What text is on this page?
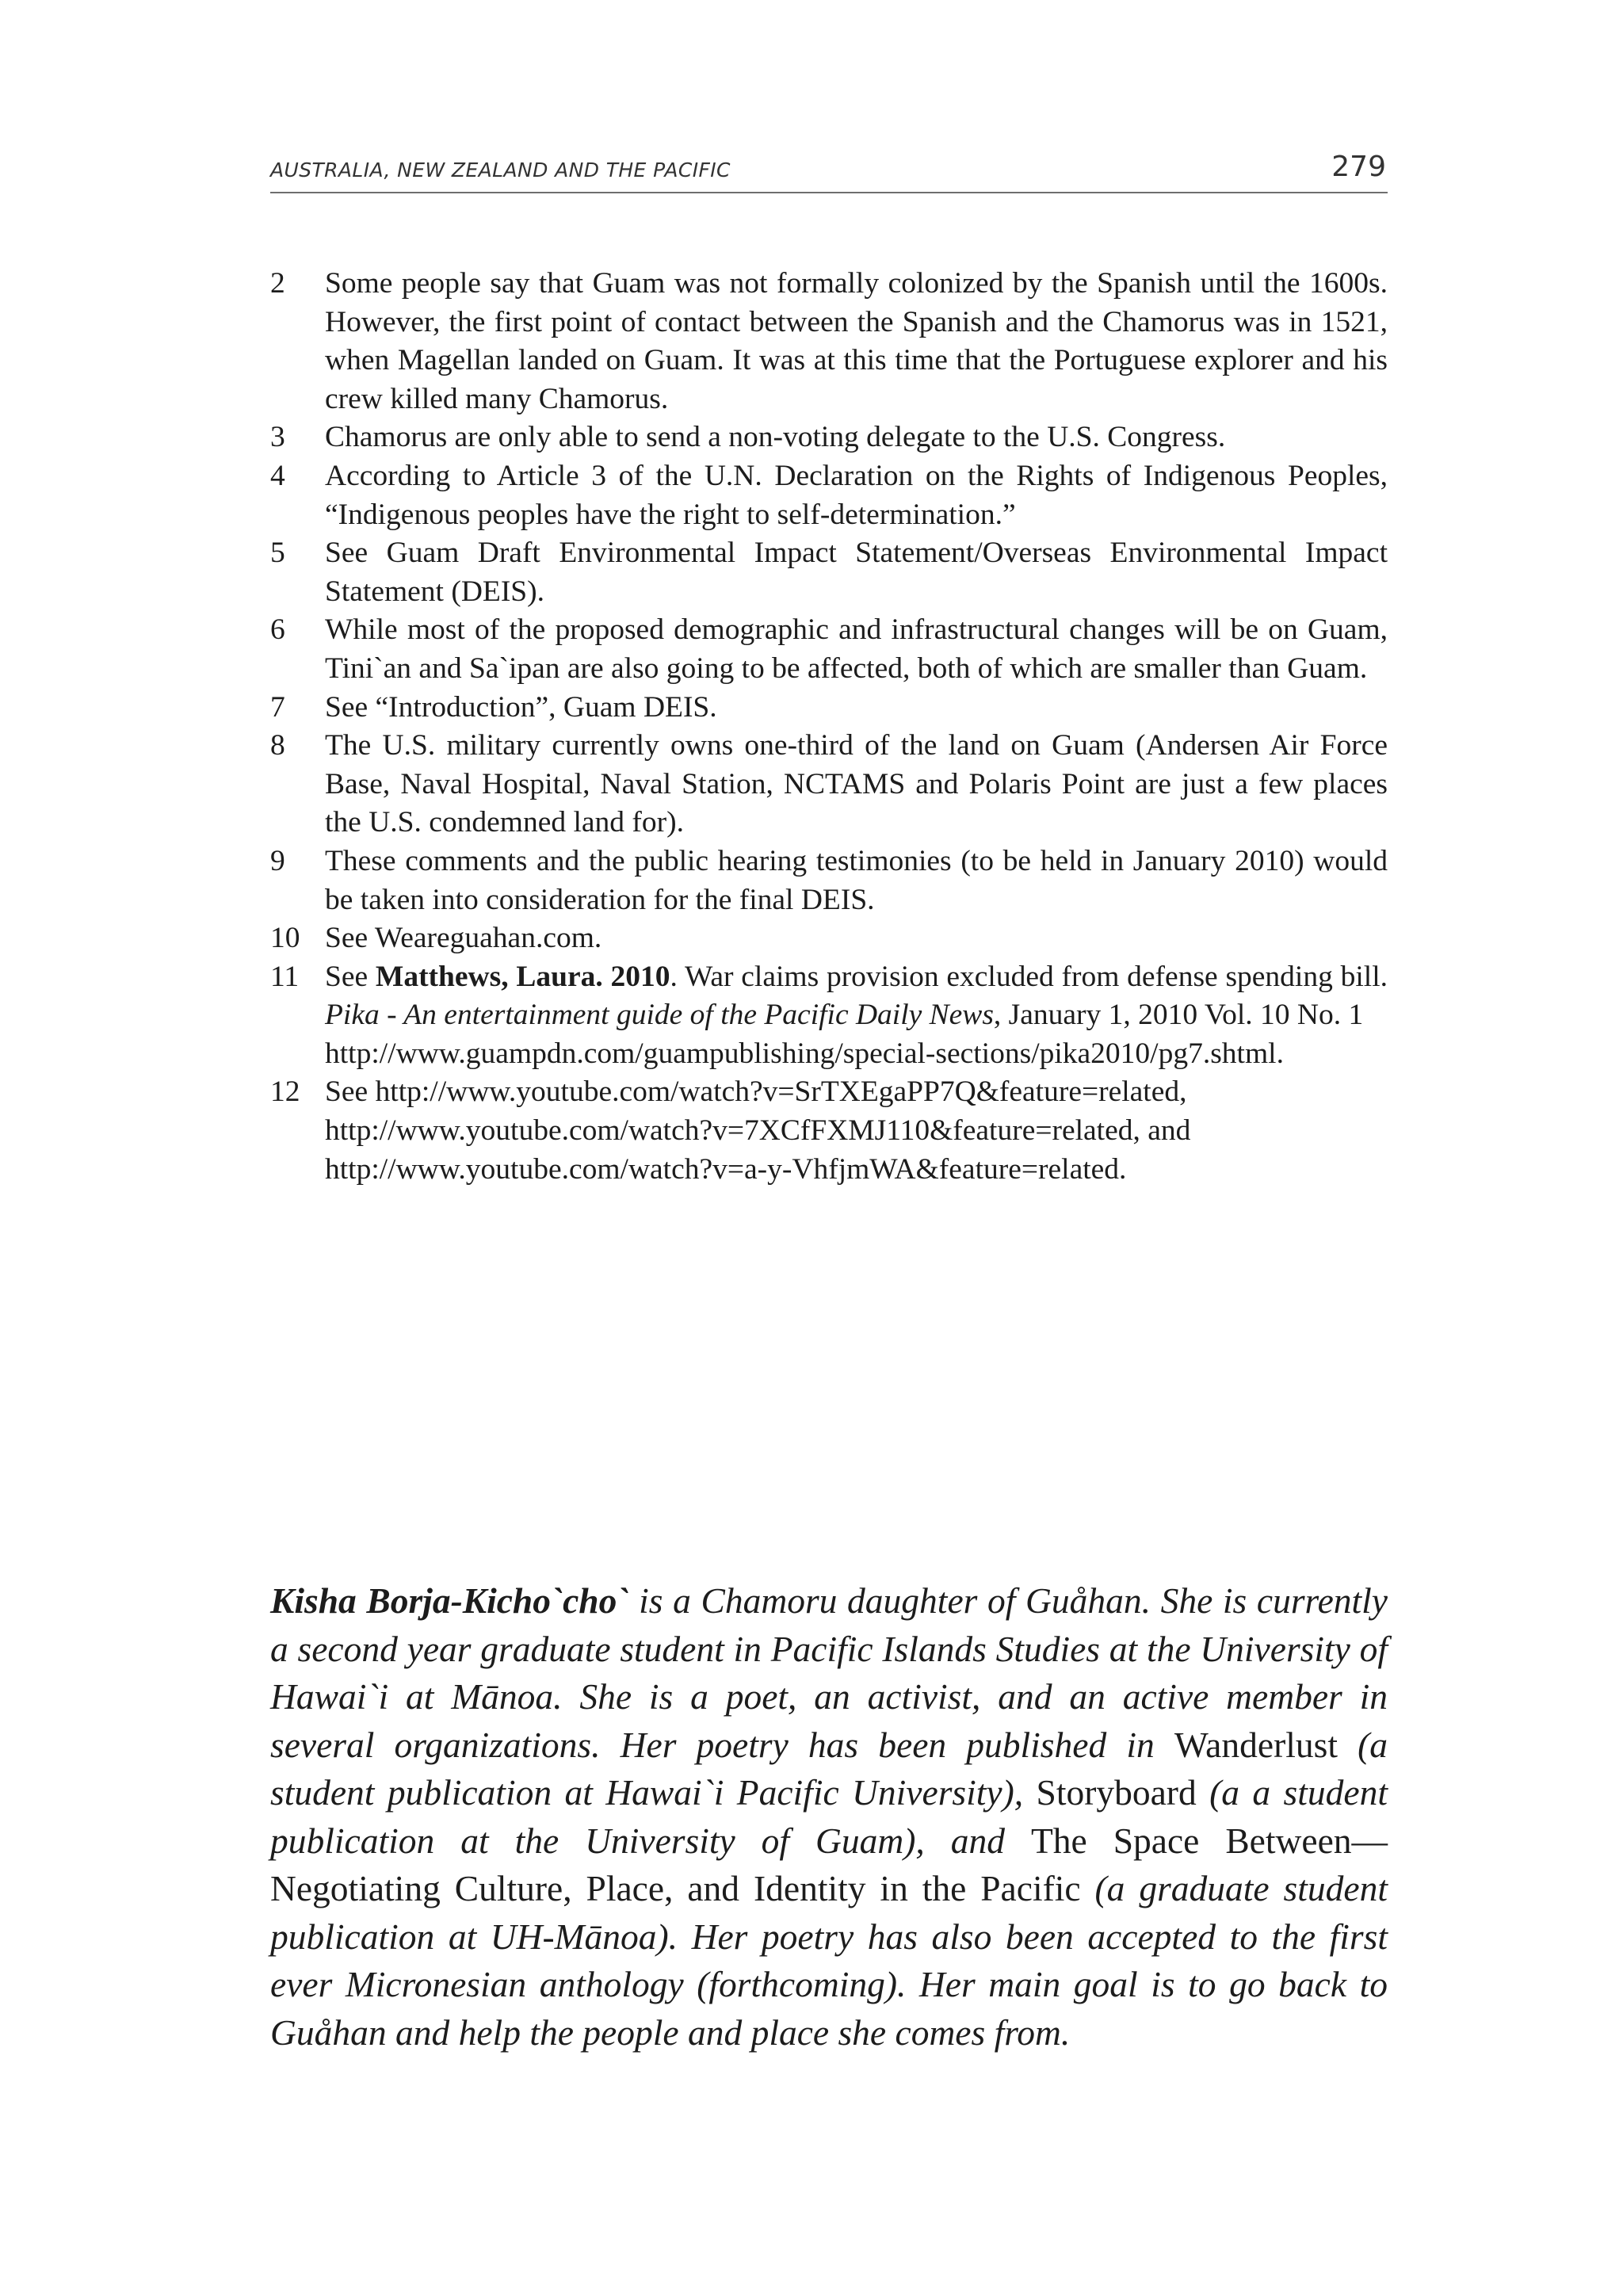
AUSTRALIA, NEW ZEALAND AND THE PACIFIC	279
2 Some people say that Guam was not formally colonized by the Spanish until the 1600s. However, the first point of contact between the Spanish and the Chamorus was in 1521, when Magellan landed on Guam. It was at this time that the Portuguese explorer and his crew killed many Chamorus.
3 Chamorus are only able to send a non-voting delegate to the U.S. Congress.
4 According to Article 3 of the U.N. Declaration on the Rights of Indigenous Peoples, “Indigenous peoples have the right to self-determination.”
5 See Guam Draft Environmental Impact Statement/Overseas Environmental Impact Statement (DEIS).
6 While most of the proposed demographic and infrastructural changes will be on Guam, Tini`an and Sa`ipan are also going to be affected, both of which are smaller than Guam.
7 See “Introduction”, Guam DEIS.
8 The U.S. military currently owns one-third of the land on Guam (Andersen Air Force Base, Naval Hospital, Naval Station, NCTAMS and Polaris Point are just a few places the U.S. condemned land for).
9 These comments and the public hearing testimonies (to be held in January 2010) would be taken into consideration for the final DEIS.
10 See Weareguahan.com.
11 See Matthews, Laura. 2010. War claims provision excluded from defense spending bill. Pika - An entertainment guide of the Pacific Daily News, January 1, 2010 Vol. 10 No. 1
http://www.guampdn.com/guampublishing/special-sections/pika2010/pg7.shtml.
12 See http://www.youtube.com/watch?v=SrTXEgaPP7Q&feature=related,
http://www.youtube.com/watch?v=7XCfFXMJ110&feature=related, and
http://www.youtube.com/watch?v=a-y-VhfjmWA&feature=related.
Kisha Borja-Kicho`cho` is a Chamoru daughter of Guåhan. She is currently a second year graduate student in Pacific Islands Studies at the University of Hawai`i at Mānoa. She is a poet, an activist, and an active member in several organizations. Her poetry has been published in Wanderlust (a student publication at Hawai`i Pacific University), Storyboard (a a student publication at the University of Guam), and The Space Between—Negotiating Culture, Place, and Identity in the Pacific (a graduate student publication at UH-Mānoa). Her poetry has also been accepted to the first ever Micronesian anthology (forthcoming). Her main goal is to go back to Guåhan and help the people and place she comes from.
